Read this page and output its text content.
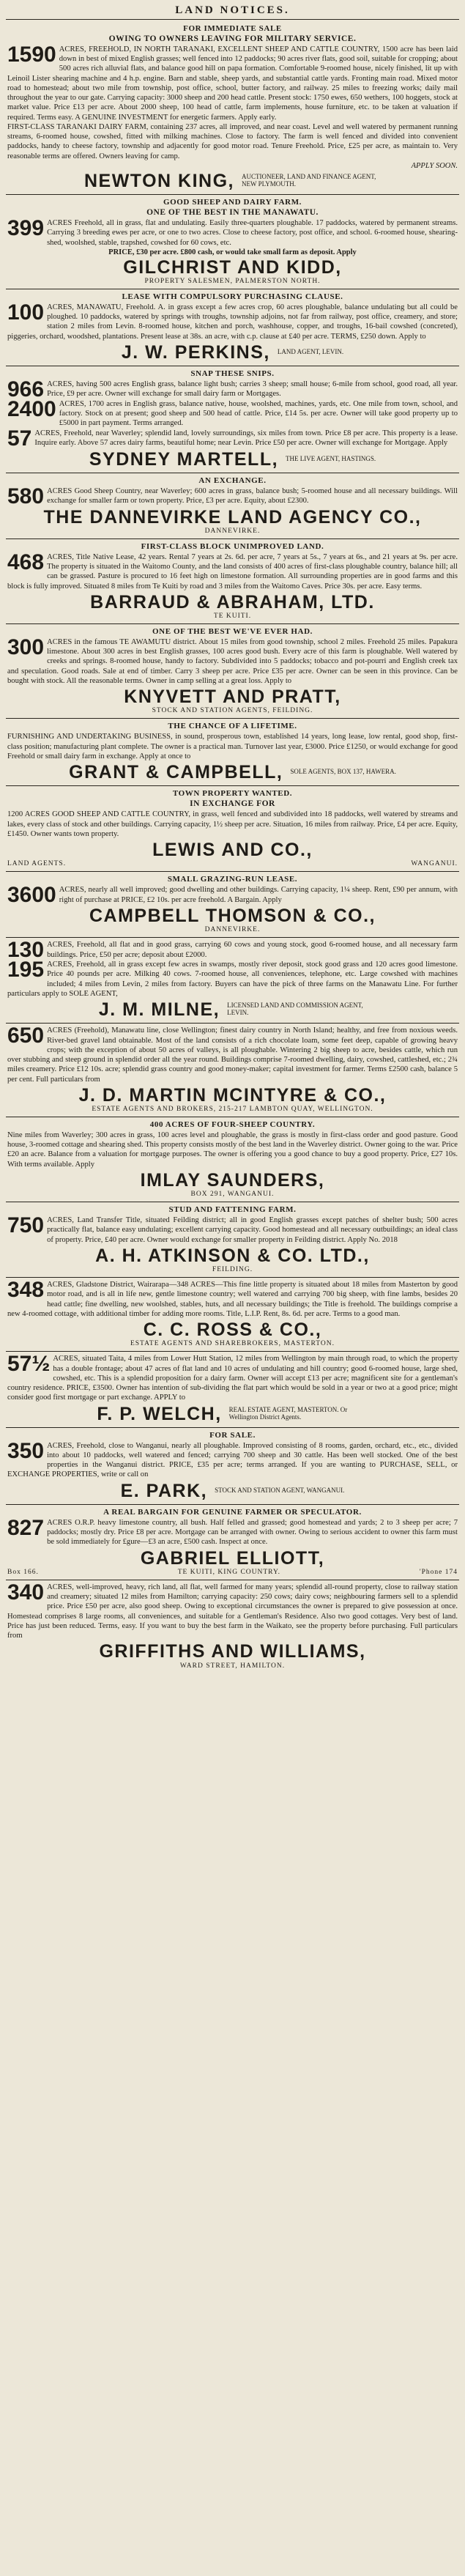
LAND NOTICES.
FOR IMMEDIATE SALE
OWING TO OWNERS LEAVING FOR MILITARY SERVICE.
1590 ACRES, FREEHOLD, IN NORTH TARANAKI, EXCELLENT SHEEP AND CATTLE COUNTRY, 1500 acre has been laid down in best of mixed English grasses; well fenced into 12 paddocks; 90 acres river flats, good soil, suitable for cropping; about 500 acres rich alluvial flats, and balance good hill on papa formation. Comfortable 9-roomed house, nicely finished, lit up with Leinoil Lister shearing machine and 4 h.p. engine. Barn and stable, sheep yards, and substantial cattle yards. Fronting main road. Mixed motor road to homestead; about two mile from township, post office, school, butter factory, and railway. 25 miles to freezing works; daily mail throughout the year to our gate. Carrying capacity: 3000 sheep and 200 head cattle. Present stock: 1750 ewes, 650 wethers, 100 hoggets, stock at market value. Price £13 per acre. About 2000 sheep, 100 head of cattle, farm implements, house furniture, etc. to be taken at valuation if required. Terms easy. A GENUINE INVESTMENT for energetic farmers. Apply early.
FIRST-CLASS TARANAKI DAIRY FARM, containing 237 acres, all improved, and near coast. Level and well watered by permanent running streams, 6-roomed house, cowshed, fitted with milking machines. Close to factory. The farm is well fenced and divided into convenient paddocks, handy to cheese factory, township and adjacently for good motor road. Tenure Freehold. Price, £25 per acre, as maintain to. Very reasonable terms are offered. Owners leaving for camp.
APPLY SOON.
NEWTON KING, AUCTIONEER, LAND AND FINANCE AGENT, NEW PLYMOUTH.
GOOD SHEEP AND DAIRY FARM.
ONE OF THE BEST IN THE MANAWATU.
399 ACRES Freehold, all in grass, flat and undulating. Easily three-quarters ploughable. 17 paddocks, watered by permanent streams. Carrying 3 breeding ewes per acre, or one to two acres. Close to cheese factory, post office, and school. 6-roomed house, shearing-shed, woolshed, stable, trapshed, cowshed for 60 cows, etc.
PRICE, £30 per acre. £800 cash, or would take small farm as deposit. Apply
GILCHRIST AND KIDD,
PROPERTY SALESMEN, PALMERSTON NORTH.
LEASE WITH COMPULSORY PURCHASING CLAUSE.
100 ACRES, MANAWATU, Freehold. A. in grass except a few acres crop, 60 acres ploughable, balance undulating but all could be ploughed. 10 paddocks, watered by springs with troughs, township adjoins, not far from railway, post office, creamery, and store; station 2 miles from Levin. 8-roomed house, kitchen and porch, washhouse, copper, and troughs, 16-bail cowshed (concreted), piggeries, orchard, woodshed, plantations. Present lease at 38s. an acre, with c.p. clause at £40 per acre. TERMS, £250 down. Apply to
J. W. PERKINS, LAND AGENT, LEVIN.
SNAP THESE SNIPS.
966 ACRES, having 500 acres English grass, balance light bush; carries 3 sheep; small house; 6-mile from school, good road, all year. Price, £9 per acre. Owner will exchange for small dairy farm or Mortgages.
2400 ACRES, 1700 acres in English grass, balance native, house, woolshed, machines, yards, etc. One mile from town, school, and factory. Stock on at present; good sheep and 500 head of cattle. Price, £14 5s. per acre. Owner will take good property up to £5000 in part payment. Terms arranged.
57 ACRES, Freehold, near Waverley; splendid land, lovely surroundings, six miles from town. Price £8 per acre. This property is a lease. Inquire early. Above 57 acres dairy farms, beautiful home; near Levin. Price £50 per acre. Owner will exchange for Mortgage. Apply
SYDNEY MARTELL, THE LIVE AGENT, HASTINGS.
AN EXCHANGE.
580 ACRES Good Sheep Country, near Waverley; 600 acres in grass, balance bush; 5-roomed house and all necessary buildings. Will exchange for smaller farm or town property. Price, £3 per acre. Equity, about £2300.
THE DANNEVIRKE LAND AGENCY CO.,
DANNEVIRKE.
FIRST-CLASS BLOCK UNIMPROVED LAND.
468 ACRES, Title Native Lease, 42 years. Rental 7 years at 2s. 6d. per acre, 7 years at 5s., 7 years at 6s., and 21 years at 9s. per acre. The property is situated in the Waitomo County, and the land consists of 400 acres of first-class ploughable country, balance hill; all can be grassed. Pasture is procured to 16 feet high on limestone formation. All surrounding properties are in good farms and this block is fully improved. Situated 8 miles from Te Kuiti by road and 3 miles from the Waitomo Caves. Price 30s. per acre. Easy terms.
BARRAUD & ABRAHAM, LTD.
TE KUITI.
ONE OF THE BEST WE'VE EVER HAD.
300 ACRES in the famous TE AWAMUTU district. About 15 miles from good township, school 2 miles. Freehold 25 miles. Papakura limestone. About 300 acres in best English grasses, 100 acres good bush. Every acre of this farm is ploughable. Well watered by creeks and springs. 8-roomed house, handy to factory. Subdivided into 5 paddocks; tobacco and pot-pourri and English creek tax and speculation. Good roads. Sale at end of timber. Carry 3 sheep per acre. Price £35 per acre. Owner can be seen in this province. Can be bought with stock. All the reasonable terms. Owner in camp selling at a great loss. Apply to
KNYVETT AND PRATT,
STOCK AND STATION AGENTS, FEILDING.
THE CHANCE OF A LIFETIME.
FURNISHING AND UNDERTAKING BUSINESS, in sound, prosperous town, established 14 years, long lease, low rental, good shop, first-class position; manufacturing plant complete. The owner is a practical man. Turnover last year, £3000. Price £1250, or would exchange for good Freehold or small dairy farm in exchange. Apply at once to
GRANT & CAMPBELL, SOLE AGENTS, BOX 137, HAWERA.
TOWN PROPERTY WANTED.
IN EXCHANGE FOR
1200 ACRES GOOD SHEEP AND CATTLE COUNTRY, in grass, well fenced and subdivided into 18 paddocks, well watered by streams and lakes, every class of stock and other buildings. Carrying capacity, 1½ sheep per acre. Situation, 16 miles from railway. Price, £4 per acre. Equity, £1450. Owner wants town property.
LEWIS AND CO.,
LAND AGENTS.	WANGANUI.
SMALL GRAZING-RUN LEASE.
3600 ACRES, nearly all well improved; good dwelling and other buildings. Carrying capacity, 1¼ sheep. Rent, £90 per annum, with right of purchase at PRICE, £2 10s. per acre freehold. A Bargain. Apply
CAMPBELL THOMSON & CO.,
DANNEVIRKE.
130 ACRES, Freehold, all flat and in good grass, carrying 60 cows and young stock, good 6-roomed house, and all necessary farm buildings. Price, £50 per acre; deposit about £2000.
195 ACRES, Freehold, all in grass except few acres in swamps, mostly river deposit, stock good grass and 120 acres good limestone. Price 40 pounds per acre. Milking 40 cows. 7-roomed house, all conveniences, telephone, etc. Large cowshed with machines included; 4 miles from Levin, 2 miles from factory. Buyers can have the pick of three farms on the Manawatu Line. For further particulars apply to SOLE AGENT,
J. M. MILNE, LICENSED LAND AND COMMISSION AGENT, LEVIN.
650 ACRES (Freehold), Manawatu line, close Wellington; finest dairy country in North Island; healthy, and free from noxious weeds. River-bed gravel land obtainable. Most of the land consists of a rich chocolate loam, some feet deep, capable of growing heavy crops; with the exception of about 50 acres of valleys, is all ploughable. Wintering 2 big sheep to acre, besides cattle, which run over stubbing and steep ground in splendid order all the year round. Buildings comprise 7-roomed dwelling, dairy, cowshed, cattleshed, etc.; 2¾ miles creamery. Price £12 10s. acre; splendid grass country and good money-maker; capital investment for farmer. Terms £2500 cash, balance 5 per cent. Full particulars from
J. D. MARTIN MCINTYRE & CO.,
ESTATE AGENTS AND BROKERS, 215-217 LAMBTON QUAY, WELLINGTON.
400 ACRES OF FOUR-SHEEP COUNTRY.
Nine miles from Waverley; 300 acres in grass, 100 acres level and ploughable, the grass is mostly in first-class order and good pasture. Good house, 3-roomed cottage and shearing shed. This property consists mostly of the best land in the Waverley district. Owner going to the war. Price £20 an acre. Balance from a valuation for mortgage purposes. The owner is offering you a good chance to buy a good property. Price, £27 10s. With terms available. Apply
IMLAY SAUNDERS,
BOX 291, WANGANUI.
STUD AND FATTENING FARM.
750 ACRES, Land Transfer Title, situated Feilding district; all in good English grasses except patches of shelter bush; 500 acres practically flat, balance easy undulating; excellent carrying capacity. Good homestead and all necessary outbuildings; an ideal class of property. Price, £40 per acre. Owner would exchange for smaller property in Feilding district. Apply No. 2018
A. H. ATKINSON & CO. LTD.,
FEILDING.
348 ACRES, Gladstone District, Wairarapa—348 ACRES—This fine little property is situated about 18 miles from Masterton by good motor road, and is all in life new, gentle limestone country; well watered and carrying 700 big sheep, with fine lambs, besides 20 head cattle; fine dwelling, new woolshed, stables, huts, and all necessary buildings; the Title is freehold. The buildings comprise a new 4-roomed cottage, with additional timber for adding more rooms. Title, L.I.P. Rent, 8s. 6d. per acre. Terms to a good man.
C. C. ROSS & CO.,
ESTATE AGENTS AND SHAREBROKERS, MASTERTON.
57½ ACRES, situated Taita, 4 miles from Lower Hutt Station, 12 miles from Wellington by main through road, to which the property has a double frontage; about 47 acres of flat land and 10 acres of undulating and hill country; good 6-roomed house, large shed, cowshed, etc. This is a splendid proposition for a dairy farm. Owner will accept £13 per acre; magnificent site for a gentleman's country residence. PRICE, £3500. Owner has intention of sub-dividing the flat part which would be sold in a year or two at a good price; might consider good first mortgage or part exchange. APPLY to
F. P. WELCH, REAL ESTATE AGENT, MASTERTON. Or Wellington District Agents.
FOR SALE.
350 ACRES, Freehold, close to Wanganui, nearly all ploughable. Improved consisting of 8 rooms, garden, orchard, etc., etc., divided into about 10 paddocks, well watered and fenced; carrying 700 sheep and 30 cattle. Has been well stocked. One of the best properties in the Wanganui district. PRICE, £35 per acre; terms arranged. If you are wanting to PURCHASE, SELL, or EXCHANGE PROPERTIES, write or call on
E. PARK, STOCK AND STATION AGENT, WANGANUI.
A REAL BARGAIN FOR GENUINE FARMER OR SPECULATOR.
827 ACRES O.R.P. heavy limestone country, all bush. Half felled and grassed; good homestead and yards; 2 to 3 sheep per acre; 7 paddocks; mostly dry. Price £8 per acre. Mortgage can be arranged with owner. Owing to serious accident to owner this farm must be sold immediately for £gure—£3 an acre, £500 cash. Inspect at once.
GABRIEL ELLIOTT,
Box 166.	TE KUITI, KING COUNTRY.	'Phone 174
340 ACRES, well-improved, heavy, rich land, all flat, well farmed for many years; splendid all-round property, close to railway station and creamery; situated 12 miles from Hamilton; carrying capacity: 250 cows; dairy cows; neighbouring farmers sell to a splendid price. Price £50 per acre, also good sheep. Owing to exceptional circumstances the owner is prepared to give possession at once. Homestead comprises 8 large rooms, all conveniences, and suitable for a Gentleman's Residence. Also two good cottages. Very best of land. Price has just been reduced. Terms, easy. If you want to buy the best farm in the Waikato, see the property before purchasing. Full particulars from
GRIFFITHS AND WILLIAMS,
WARD STREET, HAMILTON.
